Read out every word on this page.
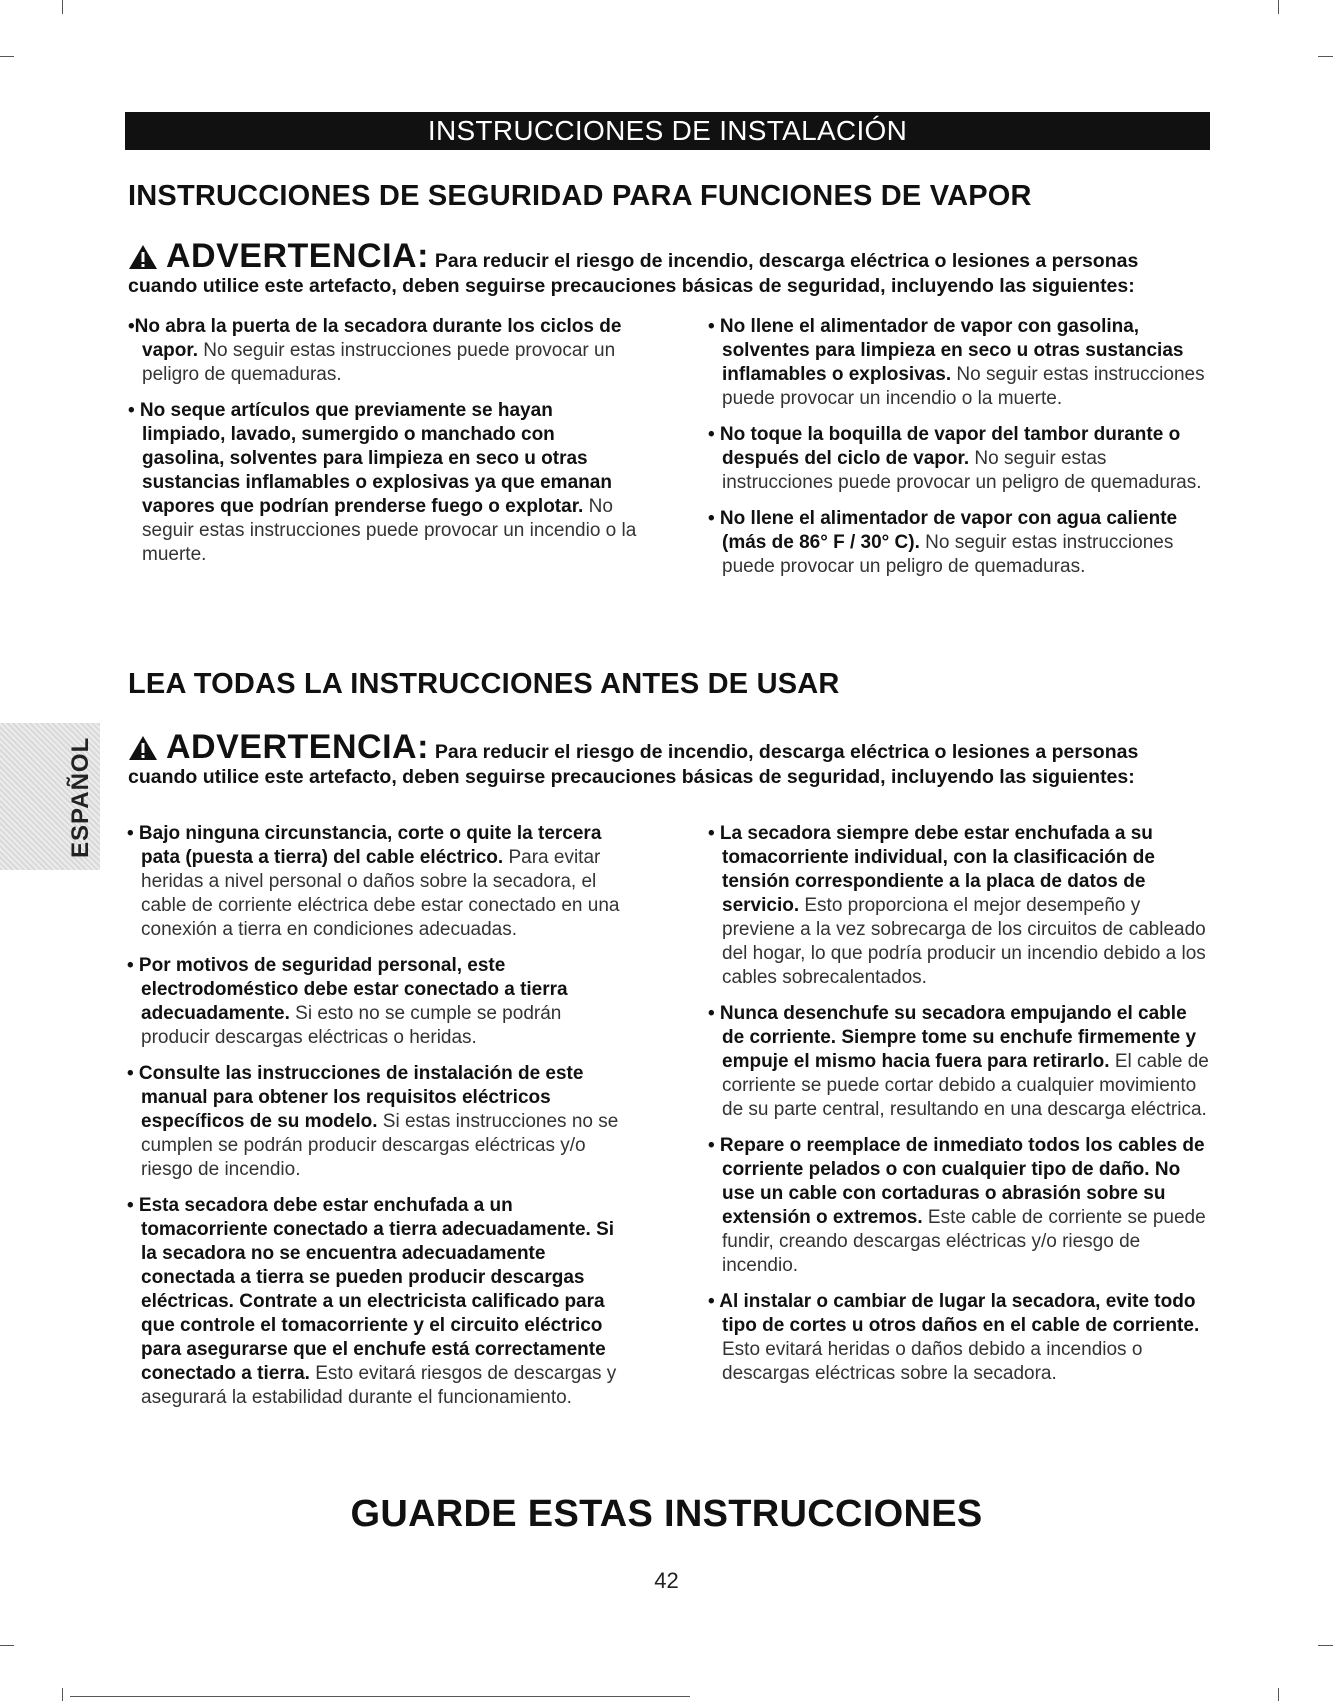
INSTRUCCIONES DE INSTALACIÓN
INSTRUCCIONES DE SEGURIDAD PARA FUNCIONES DE VAPOR
ADVERTENCIA: Para reducir el riesgo de incendio, descarga eléctrica o lesiones a personas
cuando utilice este artefacto, deben seguirse precauciones básicas de seguridad, incluyendo las siguientes:

•No abra la puerta de la secadora durante los ciclos de vapor. No seguir estas instrucciones puede provocar un peligro de quemaduras.

• No seque artículos que previamente se hayan limpiado, lavado, sumergido o manchado con gasolina, solventes para limpieza en seco u otras sustancias inflamables o explosivas ya que emanan vapores que podrían prenderse fuego o explotar. No seguir estas instrucciones puede provocar un incendio o la muerte.

• No llene el alimentador de vapor con gasolina, solventes para limpieza en seco u otras sustancias inflamables o explosivas. No seguir estas instrucciones puede provocar un incendio o la muerte.

• No toque la boquilla de vapor del tambor durante o después del ciclo de vapor. No seguir estas instrucciones puede provocar un peligro de quemaduras.

• No llene el alimentador de vapor con agua caliente (más de 86° F / 30° C). No seguir estas instrucciones puede provocar un peligro de quemaduras.

LEA TODAS LA INSTRUCCIONES ANTES DE USAR
ESPAÑOL	ADVERTENCIA: Para reducir el riesgo de incendio, descarga eléctrica o lesiones a personas
cuando utilice este artefacto, deben seguirse precauciones básicas de seguridad, incluyendo las siguientes:

• Bajo ninguna circunstancia, corte o quite la tercera pata (puesta a tierra) del cable eléctrico. Para evitar heridas a nivel personal o daños sobre la secadora, el cable de corriente eléctrica debe estar conectado en una conexión a tierra en condiciones adecuadas.

• Por motivos de seguridad personal, este electrodoméstico debe estar conectado a tierra adecuadamente. Si esto no se cumple se podrán producir descargas eléctricas o heridas.

• Consulte las instrucciones de instalación de este manual para obtener los requisitos eléctricos específicos de su modelo. Si estas instrucciones no se cumplen se podrán producir descargas eléctricas y/o riesgo de incendio.

• Esta secadora debe estar enchufada a un tomacorriente conectado a tierra adecuadamente. Si la secadora no se encuentra adecuadamente conectada a tierra se pueden producir descargas eléctricas. Contrate a un electricista calificado para que controle el tomacorriente y el circuito eléctrico para asegurarse que el enchufe está correctamente conectado a tierra. Esto evitará riesgos de descargas y asegurará la estabilidad durante el funcionamiento.

• La secadora siempre debe estar enchufada a su tomacorriente individual, con la clasificación de tensión correspondiente a la placa de datos de servicio. Esto proporciona el mejor desempeño y previene a la vez sobrecarga de los circuitos de cableado del hogar, lo que podría producir un incendio debido a los cables sobrecalentados.

• Nunca desenchufe su secadora empujando el cable de corriente. Siempre tome su enchufe firmemente y empuje el mismo hacia fuera para retirarlo. El cable de corriente se puede cortar debido a cualquier movimiento de su parte central, resultando en una descarga eléctrica.

• Repare o reemplace de inmediato todos los cables de corriente pelados o con cualquier tipo de daño. No use un cable con cortaduras o abrasión sobre su extensión o extremos. Este cable de corriente se puede fundir, creando descargas eléctricas y/o riesgo de incendio.

• Al instalar o cambiar de lugar la secadora, evite todo tipo de cortes u otros daños en el cable de corriente. Esto evitará heridas o daños debido a incendios o descargas eléctricas sobre la secadora.

GUARDE ESTAS INSTRUCCIONES
42
